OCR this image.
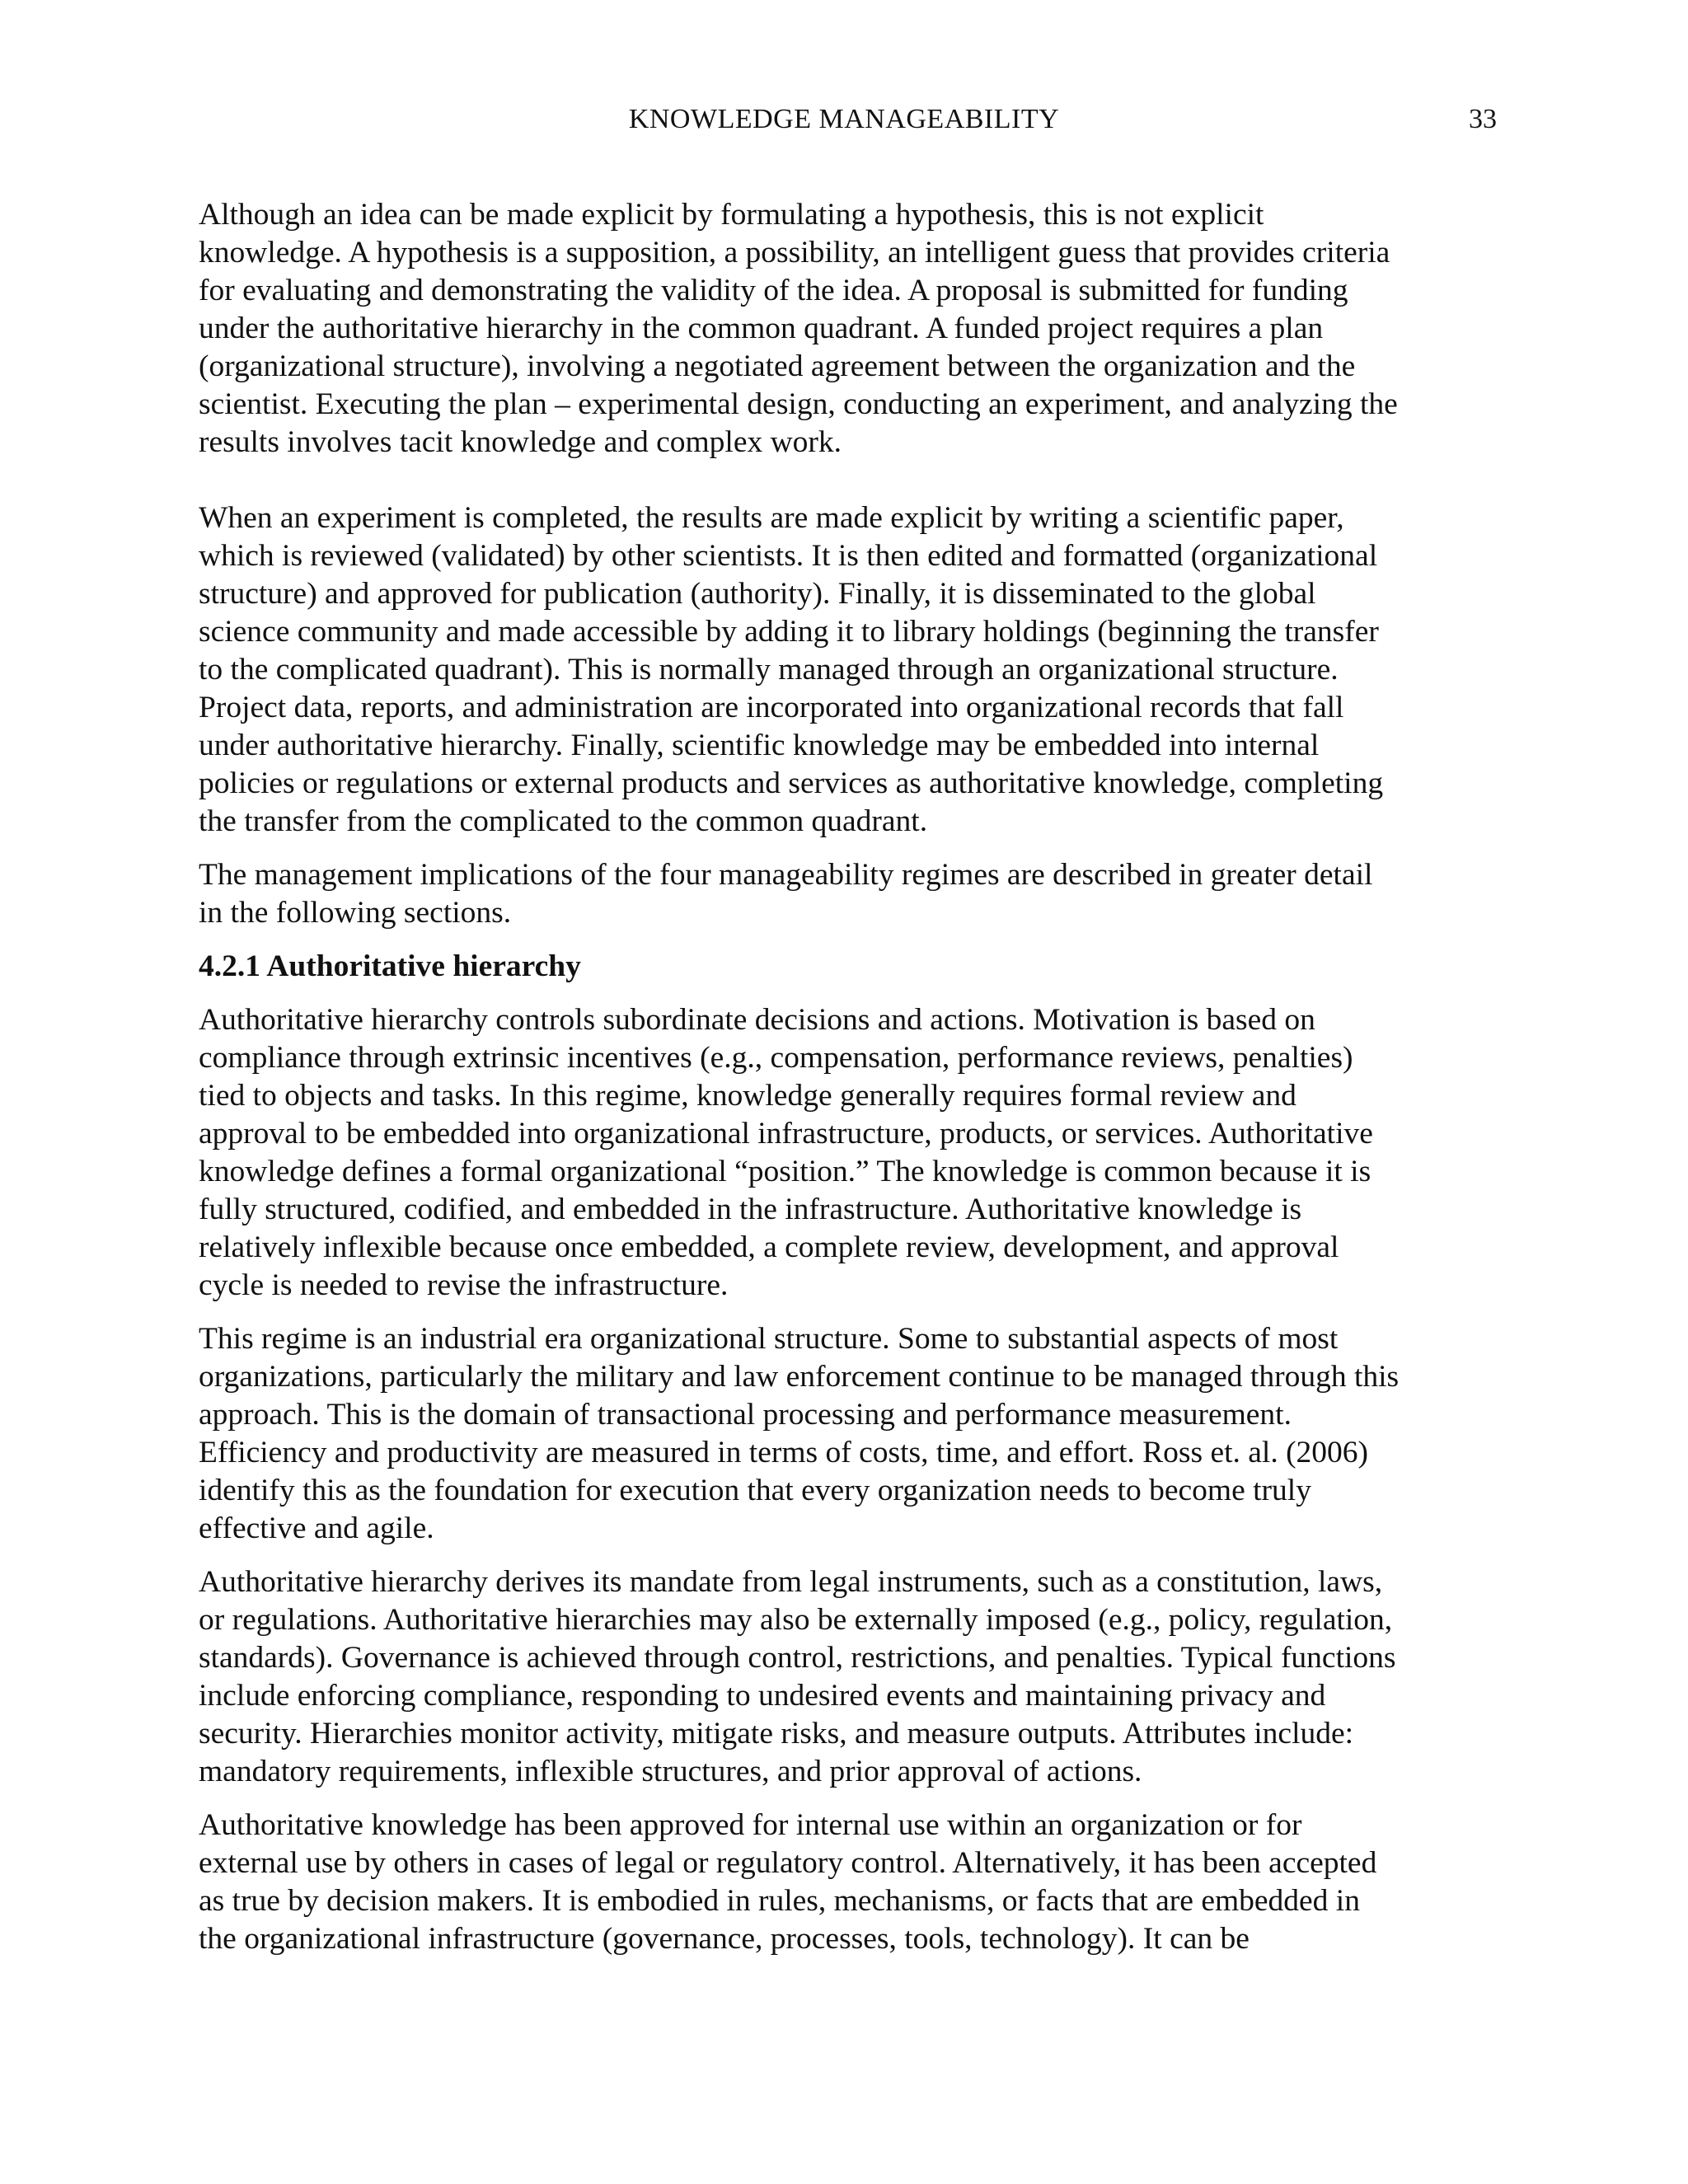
KNOWLEDGE MANAGEABILITY	33

Although an idea can be made explicit by formulating a hypothesis, this is not explicit
knowledge. A hypothesis is a supposition, a possibility, an intelligent guess that provides criteria
for evaluating and demonstrating the validity of the idea. A proposal is submitted for funding
under the authoritative hierarchy in the common quadrant. A funded project requires a plan
(organizational structure), involving a negotiated agreement between the organization and the
scientist. Executing the plan – experimental design, conducting an experiment, and analyzing the
results involves tacit knowledge and complex work.

When an experiment is completed, the results are made explicit by writing a scientific paper,
which is reviewed (validated) by other scientists. It is then edited and formatted (organizational
structure) and approved for publication (authority). Finally, it is disseminated to the global
science community and made accessible by adding it to library holdings (beginning the transfer
to the complicated quadrant). This is normally managed through an organizational structure.
Project data, reports, and administration are incorporated into organizational records that fall
under authoritative hierarchy. Finally, scientific knowledge may be embedded into internal
policies or regulations or external products and services as authoritative knowledge, completing
the transfer from the complicated to the common quadrant.

The management implications of the four manageability regimes are described in greater detail
in the following sections.

4.2.1 Authoritative hierarchy

Authoritative hierarchy controls subordinate decisions and actions. Motivation is based on
compliance through extrinsic incentives (e.g., compensation, performance reviews, penalties)
tied to objects and tasks. In this regime, knowledge generally requires formal review and
approval to be embedded into organizational infrastructure, products, or services. Authoritative
knowledge defines a formal organizational “position.” The knowledge is common because it is
fully structured, codified, and embedded in the infrastructure. Authoritative knowledge is
relatively inflexible because once embedded, a complete review, development, and approval
cycle is needed to revise the infrastructure.

This regime is an industrial era organizational structure. Some to substantial aspects of most
organizations, particularly the military and law enforcement continue to be managed through this
approach. This is the domain of transactional processing and performance measurement.
Efficiency and productivity are measured in terms of costs, time, and effort. Ross et. al. (2006)
identify this as the foundation for execution that every organization needs to become truly
effective and agile.

Authoritative hierarchy derives its mandate from legal instruments, such as a constitution, laws,
or regulations. Authoritative hierarchies may also be externally imposed (e.g., policy, regulation,
standards). Governance is achieved through control, restrictions, and penalties. Typical functions
include enforcing compliance, responding to undesired events and maintaining privacy and
security. Hierarchies monitor activity, mitigate risks, and measure outputs. Attributes include:
mandatory requirements, inflexible structures, and prior approval of actions.

Authoritative knowledge has been approved for internal use within an organization or for
external use by others in cases of legal or regulatory control. Alternatively, it has been accepted
as true by decision makers. It is embodied in rules, mechanisms, or facts that are embedded in
the organizational infrastructure (governance, processes, tools, technology). It can be
